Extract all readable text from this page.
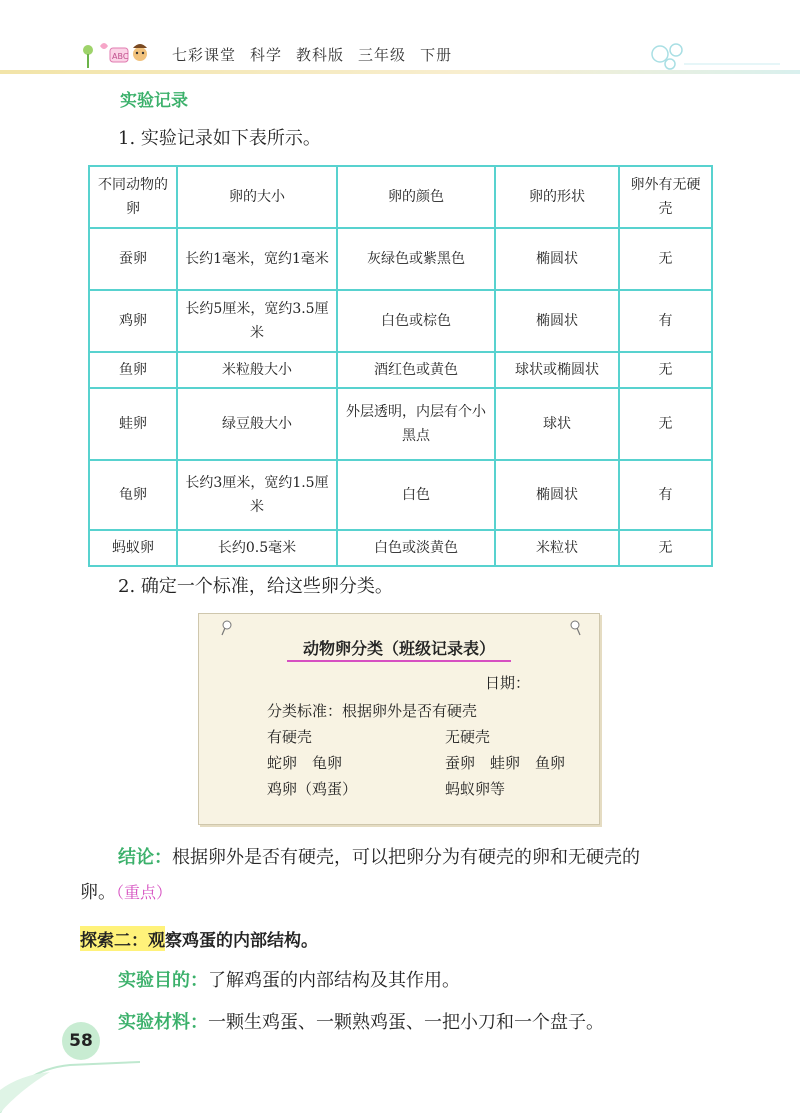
ABC	七彩课堂 科学 教科版 三年级 下册
实验记录
1. 实验记录如下表所示。
不同动物的卵	卵的大小	卵的颜色	卵的形状	卵外有无硬壳
蚕卵	长约1毫米，宽约1毫米	灰绿色或紫黑色	椭圆状	无
鸡卵	长约5厘米，宽约3.5厘米	白色或棕色	椭圆状	有
鱼卵	米粒般大小	酒红色或黄色	球状或椭圆状	无
蛙卵	绿豆般大小	外层透明，内层有个小黑点	球状	无
龟卵	长约3厘米，宽约1.5厘米	白色	椭圆状	有
蚂蚁卵	长约0.5毫米	白色或淡黄色	米粒状	无
2. 确定一个标准，给这些卵分类。
动物卵分类（班级记录表）
日期：
分类标准：根据卵外是否有硬壳
有硬壳	无硬壳
蛇卵　龟卵	蚕卵　蛙卵　鱼卵
鸡卵（鸡蛋）	蚂蚁卵等
结论：根据卵外是否有硬壳，可以把卵分为有硬壳的卵和无硬壳的
卵。（重点）
探索二：观察鸡蛋的内部结构。
实验目的：了解鸡蛋的内部结构及其作用。
实验材料：一颗生鸡蛋、一颗熟鸡蛋、一把小刀和一个盘子。
58
